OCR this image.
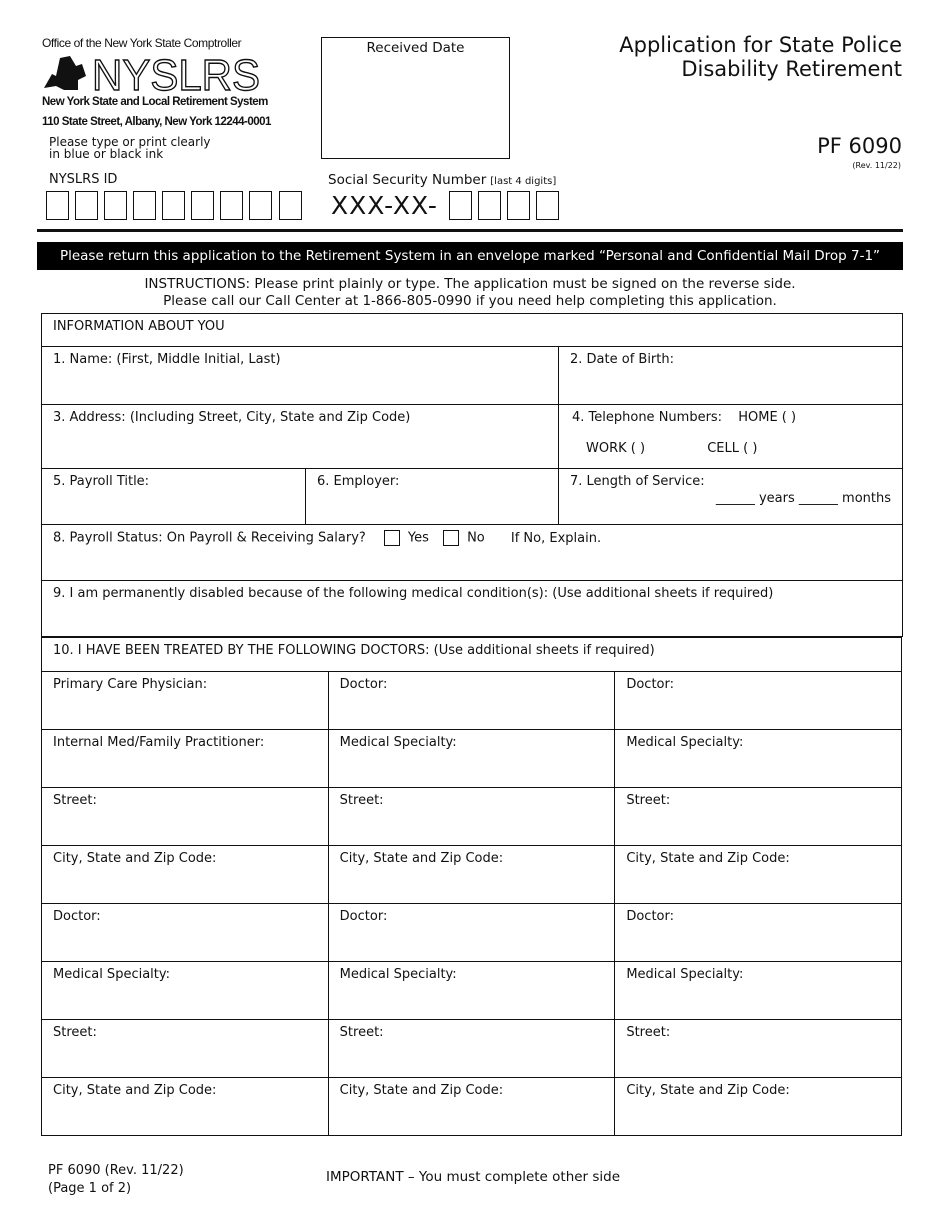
Office of the New York State Comptroller
NYSLRS
New York State and Local Retirement System
110 State Street, Albany, New York 12244-0001
Please type or print clearly
in blue or black ink
Received Date	Application for State Police
Disability Retirement
PF 6090
(Rev. 11/22)
NYSLRS ID	Social Security Number [last 4 digits]
XXX-XX-
Please return this application to the Retirement System in an envelope marked “Personal and Confidential Mail Drop 7-1”
INSTRUCTIONS: Please print plainly or type. The application must be signed on the reverse side.
Please call our Call Center at 1-866-805-0990 if you need help completing this application.
INFORMATION ABOUT YOU		
1. Name: (First, Middle Initial, Last)		2. Date of Birth:
3. Address: (Including Street, City, State and Zip Code)		4. Telephone Numbers: HOME ( )
WORK ( ) CELL ( )

5. Payroll Title:	6. Employer:	7. Length of Service:
______ years ______ months

8. Payroll Status: On Payroll & Receiving Salary? Yes No If No, Explain.		
9. I am permanently disabled because of the following medical condition(s): (Use additional sheets if required)		
10. I HAVE BEEN TREATED BY THE FOLLOWING DOCTORS: (Use additional sheets if required)		
Primary Care Physician:	Doctor:	Doctor:
Internal Med/Family Practitioner:	Medical Specialty:	Medical Specialty:
Street:	Street:	Street:
City, State and Zip Code:	City, State and Zip Code:	City, State and Zip Code:
Doctor:	Doctor:	Doctor:
Medical Specialty:	Medical Specialty:	Medical Specialty:
Street:	Street:	Street:
City, State and Zip Code:	City, State and Zip Code:	City, State and Zip Code:
PF 6090 (Rev. 11/22)
(Page 1 of 2)
IMPORTANT – You must complete other side
